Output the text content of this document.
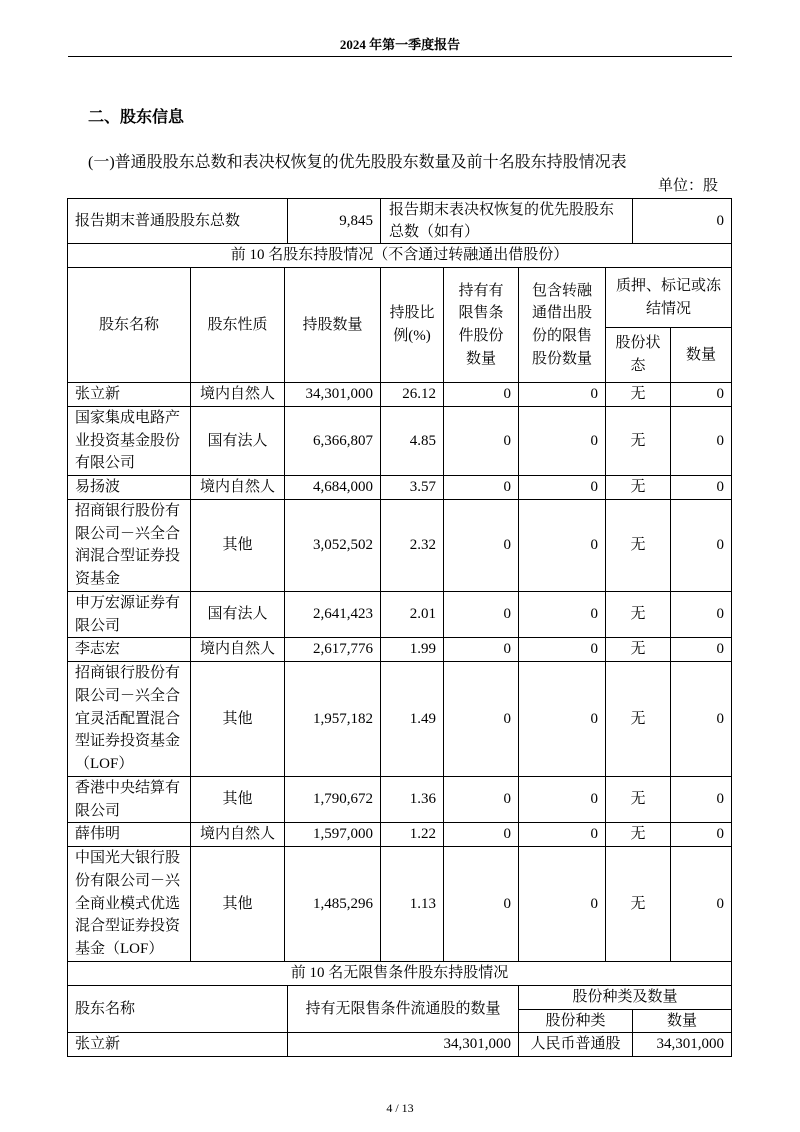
2024 年第一季度报告
二、股东信息
(一)普通股股东总数和表决权恢复的优先股股东数量及前十名股东持股情况表
单位：股
报告期末普通股股东总数	9,845	报告期末表决权恢复的优先股股东总数（如有）	0
前 10 名股东持股情况（不含通过转融通出借股份）							
股东名称	股东性质	持股数量	持股比例(%)	持有有限售条件股份数量	包含转融通借出股份的限售股份数量	质押、标记或冻结情况	
						股份状态	数量
张立新	境内自然人	34,301,000	26.12	0	0	无	0
国家集成电路产业投资基金股份有限公司	国有法人	6,366,807	4.85	0	0	无	0
易扬波	境内自然人	4,684,000	3.57	0	0	无	0
招商银行股份有限公司－兴全合润混合型证券投资基金	其他	3,052,502	2.32	0	0	无	0
申万宏源证券有限公司	国有法人	2,641,423	2.01	0	0	无	0
李志宏	境内自然人	2,617,776	1.99	0	0	无	0
招商银行股份有限公司－兴全合宜灵活配置混合型证券投资基金（LOF）	其他	1,957,182	1.49	0	0	无	0
香港中央结算有限公司	其他	1,790,672	1.36	0	0	无	0
薛伟明	境内自然人	1,597,000	1.22	0	0	无	0
中国光大银行股份有限公司－兴全商业模式优选混合型证券投资基金（LOF）	其他	1,485,296	1.13	0	0	无	0
前 10 名无限售条件股东持股情况			
股东名称	持有无限售条件流通股的数量	股份种类及数量	
		股份种类	数量
张立新	34,301,000	人民币普通股	34,301,000
4 / 13
